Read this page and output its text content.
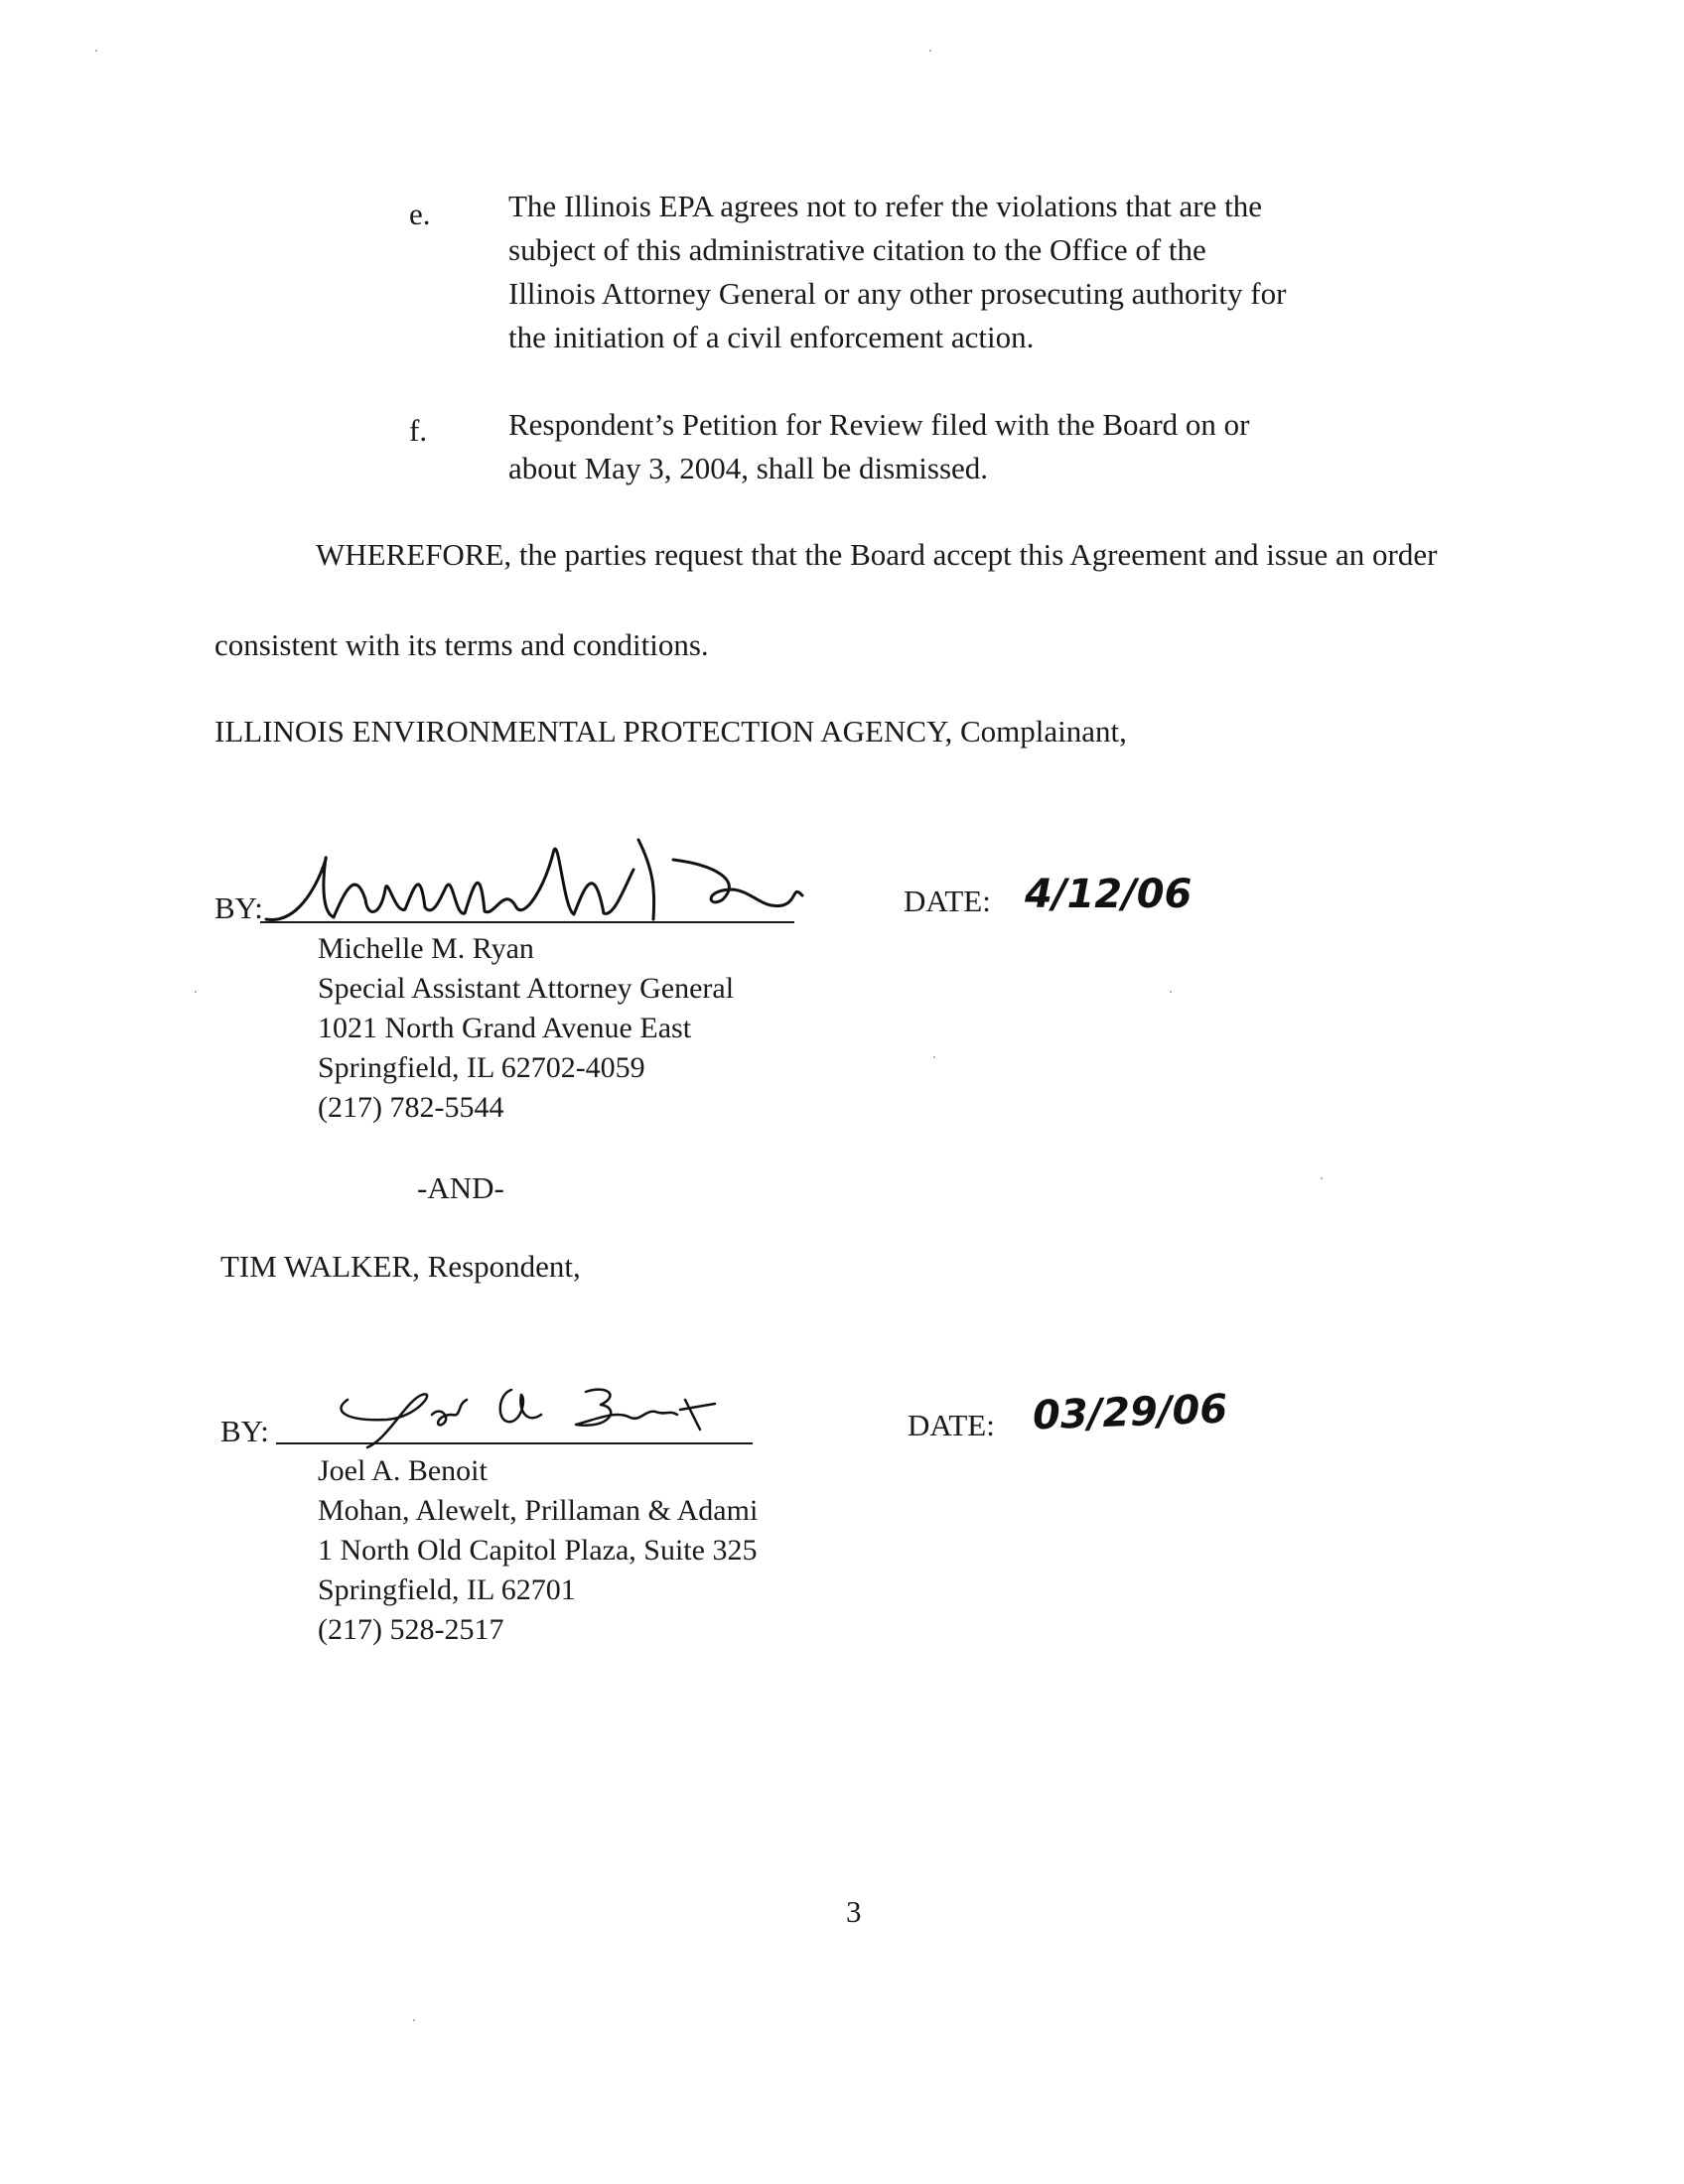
e.	The Illinois EPA agrees not to refer the violations that are the subject of this administrative citation to the Office of the Illinois Attorney General or any other prosecuting authority for the initiation of a civil enforcement action.
f.	Respondent’s Petition for Review filed with the Board on or about May 3, 2004, shall be dismissed.
WHEREFORE, the parties request that the Board accept this Agreement and issue an order
consistent with its terms and conditions.
ILLINOIS ENVIRONMENTAL PROTECTION AGENCY, Complainant,
BY:	DATE: 4/12/06
Michelle M. Ryan
Special Assistant Attorney General
1021 North Grand Avenue East
Springfield, IL 62702-4059
(217) 782-5544
-AND-
TIM WALKER, Respondent,
BY:	DATE: 03/29/06
Joel A. Benoit
Mohan, Alewelt, Prillaman & Adami
1 North Old Capitol Plaza, Suite 325
Springfield, IL 62701
(217) 528-2517
3
